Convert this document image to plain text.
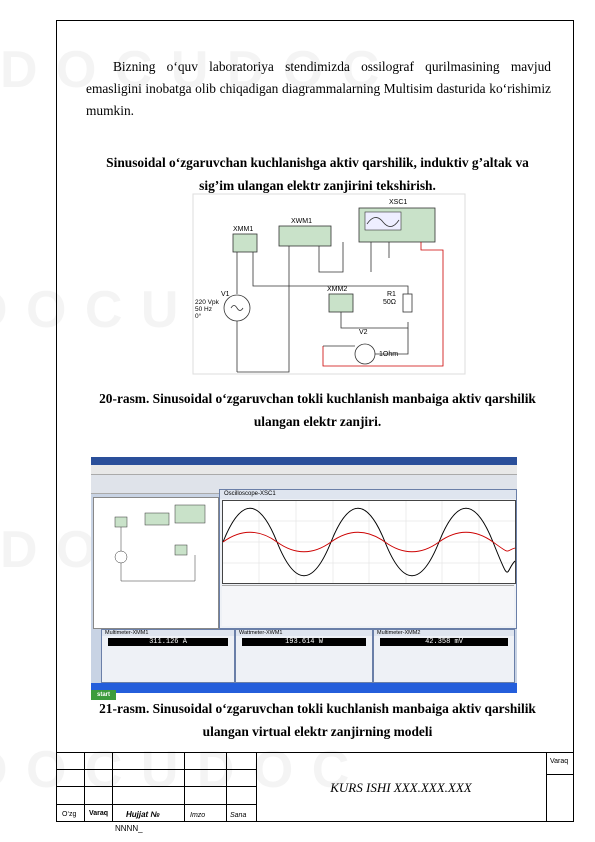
Bizning o‘quv laboratoriya stendimizda ossilograf qurilmasining mavjud emasligini inobatga olib chiqadigan diagrammalarning Multisim dasturida ko‘rishimiz mumkin.
Sinusoidal o‘zgaruvchan kuchlanishga aktiv qarshilik, induktiv g’altak va
sig’im ulangan elektr zanjirini tekshirish.
XMM1
XWM1
XSC1
V1
220 Vpk
50 Hz
0°
XMM2
R1
50Ω
V2
1Ohm
20-rasm. Sinusoidal o‘zgaruvchan tokli kuchlanish manbaiga aktiv qarshilik
ulangan elektr zanjiri.
Oscilloscope-XSC1
Multimeter-XMM1
311.126 A
Wattmeter-XWM1
193.614 W
Multimeter-XMM2
42.358 mV
start
21-rasm. Sinusoidal o‘zgaruvchan tokli kuchlanish manbaiga aktiv qarshilik
ulangan virtual elektr zanjirning modeli
O‘zg Varaq Hujjat №	Imzo	Sana
KURS ISHI XXX.XXX.XXX
Varaq
NNNN_
